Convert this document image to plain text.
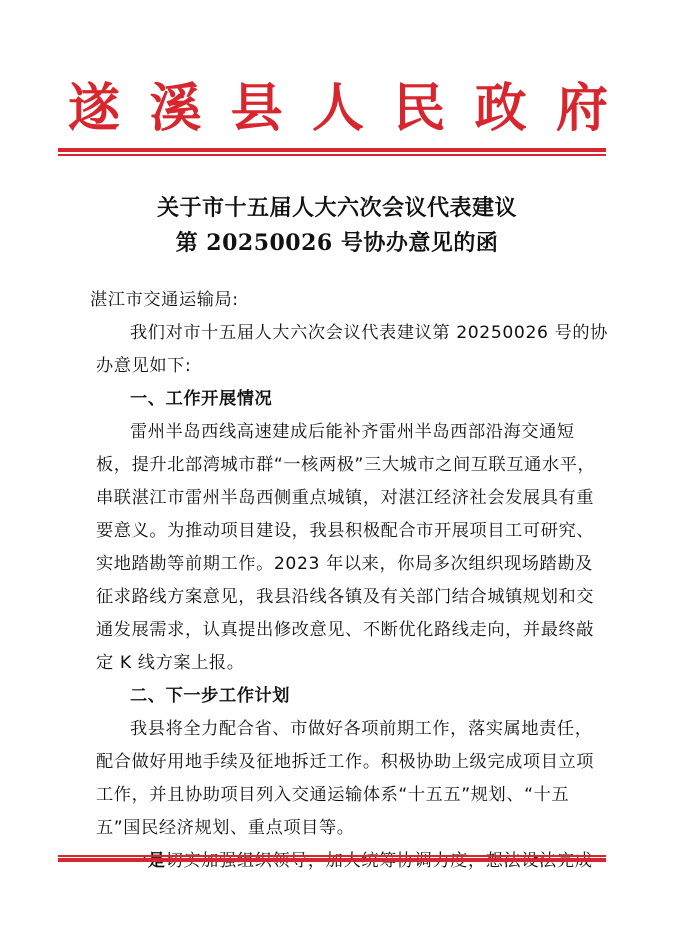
遂 溪 县 人 民 政 府
关于市十五届人大六次会议代表建议
第 20250026 号协办意见的函
湛江市交通运输局:
我们对市十五届人大六次会议代表建议第 20250026 号的协
办意见如下:
一、工作开展情况
雷州半岛西线高速建成后能补齐雷州半岛西部沿海交通短
板，提升北部湾城市群“一核两极”三大城市之间互联互通水平，
串联湛江市雷州半岛西侧重点城镇，对湛江经济社会发展具有重
要意义。为推动项目建设，我县积极配合市开展项目工可研究、
实地踏勘等前期工作。2023 年以来，你局多次组织现场踏勘及
征求路线方案意见，我县沿线各镇及有关部门结合城镇规划和交
通发展需求，认真提出修改意见、不断优化路线走向，并最终敲
定 K 线方案上报。
二、下一步工作计划
我县将全力配合省、市做好各项前期工作，落实属地责任，
配合做好用地手续及征地拆迁工作。积极协助上级完成项目立项
工作，并且协助项目列入交通运输体系“十五五”规划、“十五
五”国民经济规划、重点项目等。
